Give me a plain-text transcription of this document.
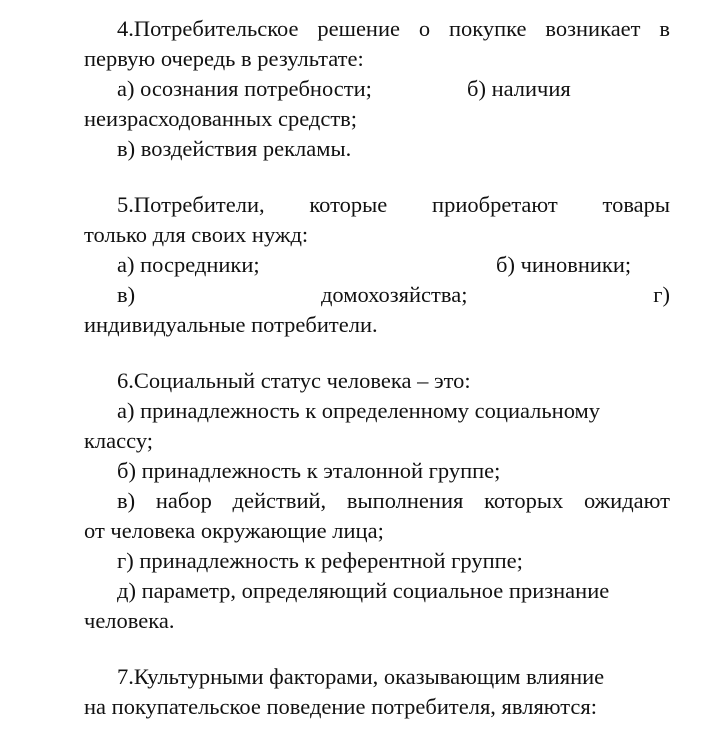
4.Потребительское решение о покупке возникает в

первую очередь в результате:

а) осознания потребности;	б) наличия

неизрасходованных средств;

в) воздействия рекламы.

5.Потребители, которые приобретают товары

только для своих нужд:

а) посредники;	б) чиновники;
в)	домохозяйства;	г)

индивидуальные потребители.

6.Социальный статус человека – это:

а) принадлежность к определенному социальному

классу;

б) принадлежность к эталонной группе;

в) набор действий, выполнения которых ожидают

от человека окружающие лица;

г) принадлежность к референтной группе;

д) параметр, определяющий социальное признание

человека.

7.Культурными факторами, оказывающим влияние

на покупательское поведение потребителя, являются:
